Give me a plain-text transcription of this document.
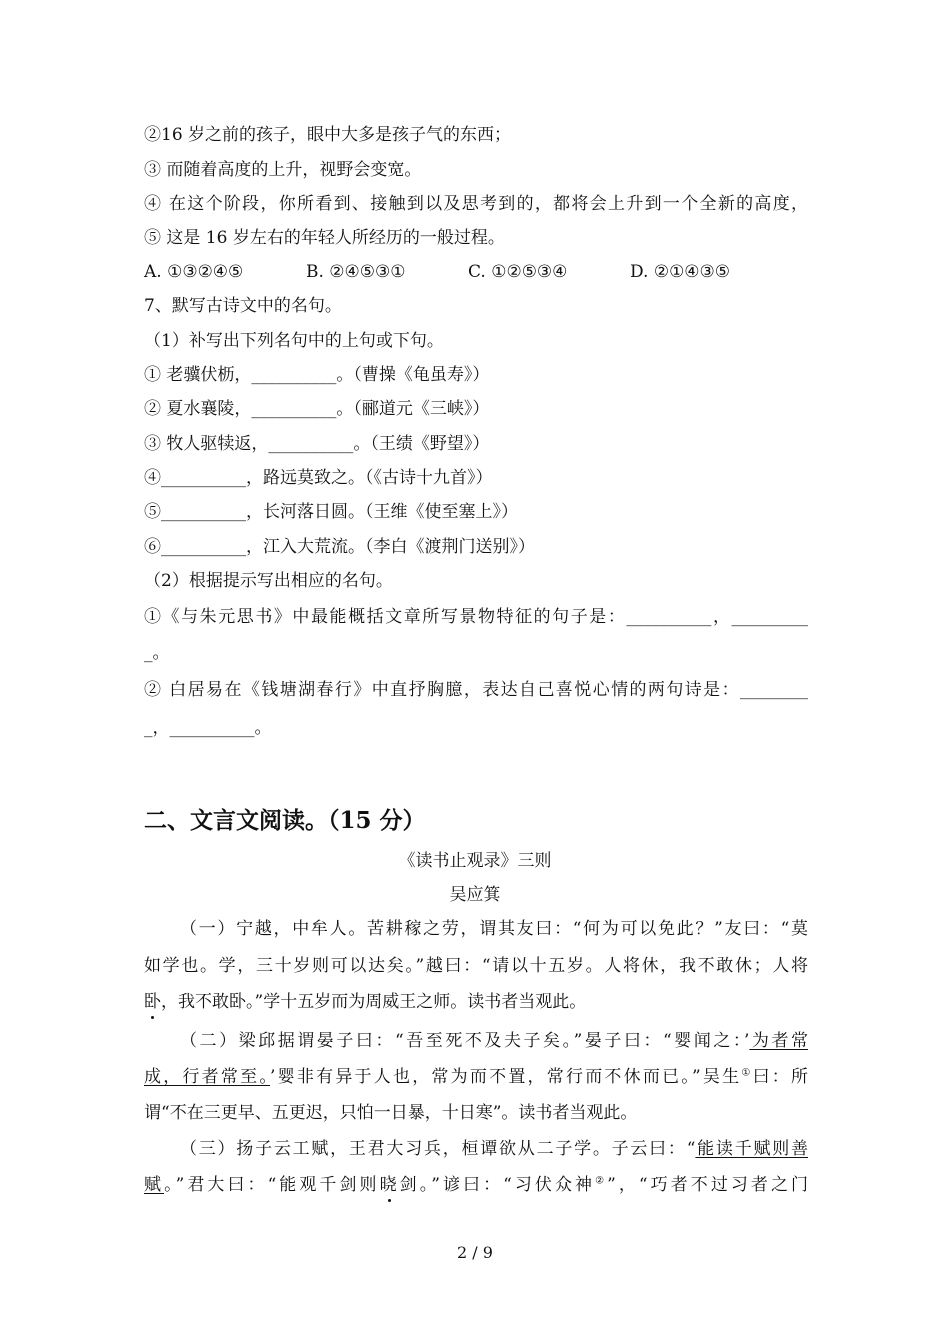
②16 岁之前的孩子，眼中大多是孩子气的东西；
③ 而随着高度的上升，视野会变宽。
④ 在这个阶段，你所看到、接触到以及思考到的，都将会上升到一个全新的高度，
⑤ 这是 16 岁左右的年轻人所经历的一般过程。
A. ①③②④⑤	B. ②④⑤③①	C. ①②⑤③④	D. ②①④③⑤
7、默写古诗文中的名句。
（1）补写出下列名句中的上句或下句。
① 老骥伏枥，__________。（曹操《龟虽寿》）
② 夏水襄陵，__________。（郦道元《三峡》）
③ 牧人驱犊返，__________。（王绩《野望》）
④__________，路远莫致之。（《古诗十九首》）
⑤__________，长河落日圆。（王维《使至塞上》）
⑥__________，江入大荒流。（李白《渡荆门送别》）
（2）根据提示写出相应的名句。
①《与朱元思书》中最能概括文章所写景物特征的句子是：__________，_________
_。
② 白居易在《钱塘湖春行》中直抒胸臆，表达自己喜悦心情的两句诗是：________
_，__________。
二、文言文阅读。（15 分）
《读书止观录》三则
吴应箕
（一）宁越，中牟人。苦耕稼之劳，谓其友曰：“何为可以免此？”友曰：“莫
如学也。学，三十岁则可以达矣。”越曰：“请以十五岁。人将休，我不敢休；人将
卧，我不敢卧。”学十五岁而为周威王之师。读书者当观此。
（二）梁邱据谓晏子曰：“吾至死不及夫子矣。”晏子曰：“婴闻之：’为者常
成，行者常至。’婴非有异于人也，常为而不置，常行而不休而已。”吴生①曰：所
谓“不在三更早、五更迟，只怕一日暴，十日寒”。读书者当观此。
（三）扬子云工赋，王君大习兵，桓谭欲从二子学。子云曰：“能读千赋则善
赋。”君大曰：“能观千剑则晓剑。”谚曰：“习伏众神②”，“巧者不过习者之门
2 / 9
